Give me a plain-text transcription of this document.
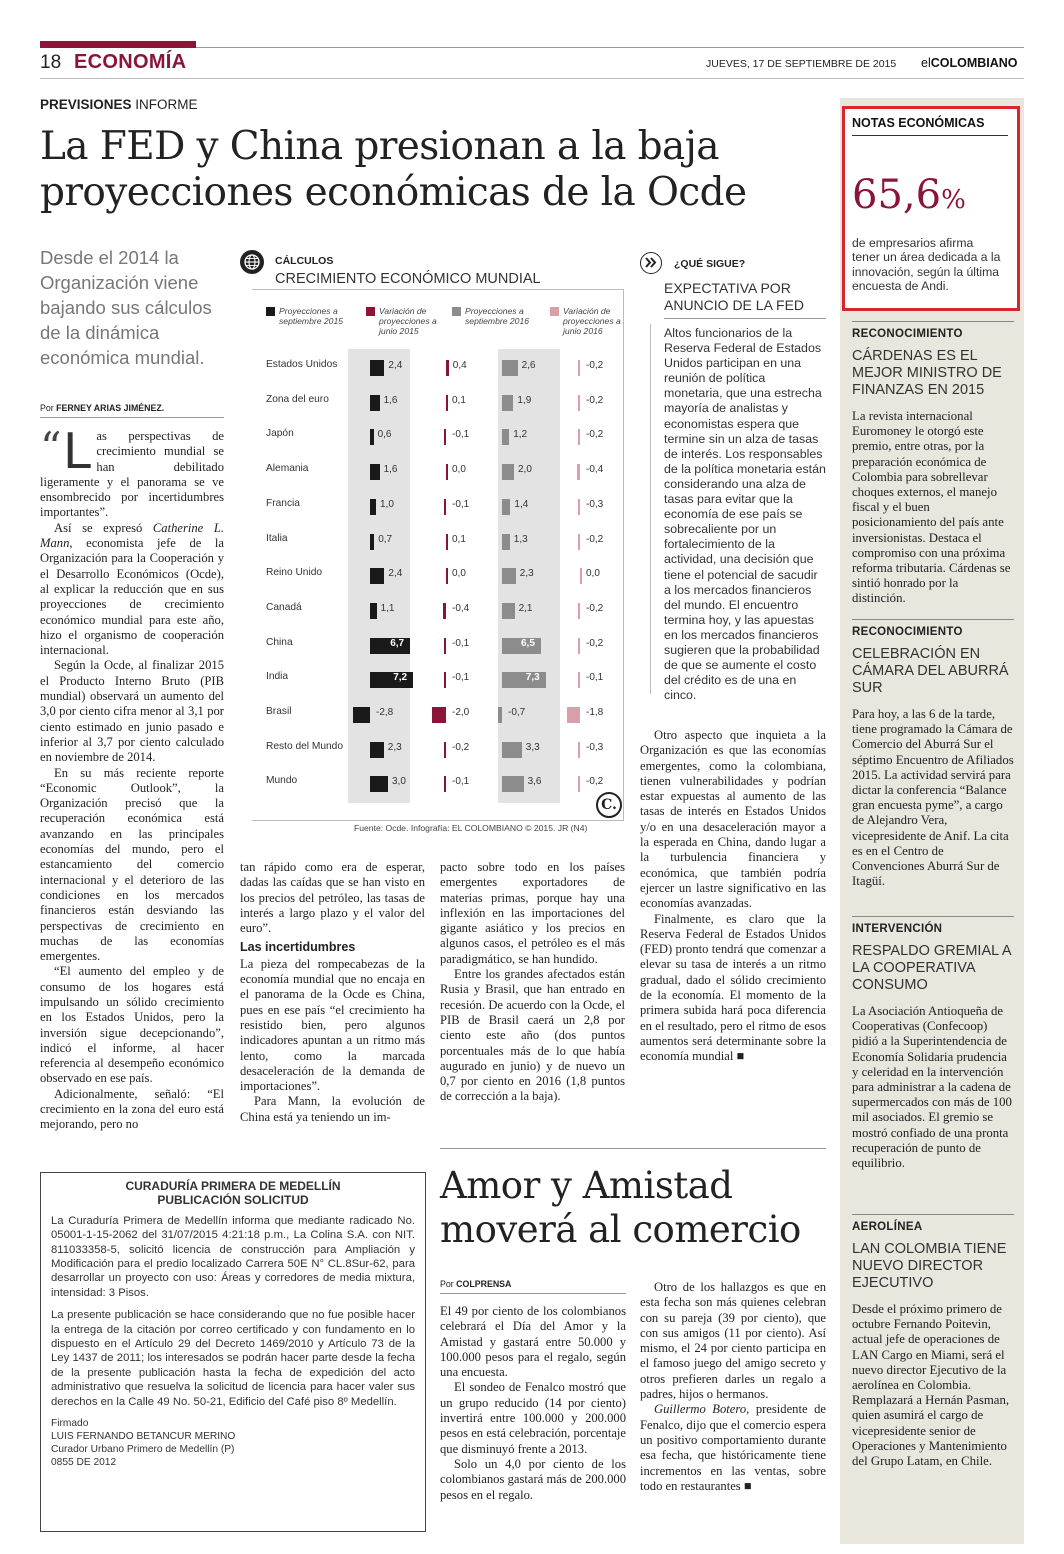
18 ECONOMÍA	JUEVES, 17 DE SEPTIEMBRE DE 2015 elCOLOMBIANO
PREVISIONES INFORME
La FED y China presionan a la baja
proyecciones económicas de la Ocde
Desde el 2014 la Organización viene bajando sus cálculos de la dinámica económica mundial.
Por FERNEY ARIAS JIMÉNEZ.
“ L as perspectivas de crecimiento mundial se han debilitado ligeramente y el panorama se ve ensombrecido por incertidumbres importantes”.

Así se expresó Catherine L. Mann, economista jefe de la Organización para la Cooperación y el Desarrollo Económicos (Ocde), al explicar la reducción que en sus proyecciones de crecimiento económico mundial para este año, hizo el organismo de cooperación internacional.

Según la Ocde, al finalizar 2015 el Producto Interno Bruto (PIB mundial) observará un aumento del 3,0 por ciento cifra menor al 3,1 por ciento estimado en junio pasado e inferior al 3,7 por ciento calculado en noviembre de 2014.

En su más reciente reporte “Economic Outlook”, la Organización precisó que la recuperación económica está avanzando en las principales economías del mundo, pero el estancamiento del comercio internacional y el deterioro de las condiciones en los mercados financieros están desviando las perspectivas de crecimiento en muchas de las economías emergentes.

“El aumento del empleo y de consumo de los hogares está impulsando un sólido crecimiento en los Estados Unidos, pero la inversión sigue decepcionando”, indicó el informe, al hacer referencia al desempeño económico observado en ese país.

Adicionalmente, señaló: “El crecimiento en la zona del euro está mejorando, pero no

CÁLCULOS
CRECIMIENTO ECONÓMICO MUNDIAL
Proyecciones a septiembre 2015
Variación de proyecciones a junio 2015
Proyecciones a septiembre 2016
Variación de proyecciones a junio 2016
Estados Unidos	2,4	0,4	2,6	-0,2
Zona del euro	1,6	0,1	1,9	-0,2
Japón	0,6	-0,1	1,2	-0,2
Alemania	1,6	0,0	2,0	-0,4
Francia	1,0	-0,1	1,4	-0,3
Italia	0,7	0,1	1,3	-0,2
Reino Unido	2,4	0,0	2,3	0,0
Canadá	1,1	-0,4	2,1	-0,2
China	6,7	-0,1	6,5	-0,2
India	7,2	-0,1	7,3	-0,1
Brasil	-2,8	-2,0	-0,7	-1,8
Resto del Mundo	2,3	-0,2	3,3	-0,3
Mundo	3,0	-0,1	3,6	-0,2
C.
Fuente: Ocde. Infografía: EL COLOMBIANO © 2015. JR (N4)
¿QUÉ SIGUE?
EXPECTATIVA POR ANUNCIO DE LA FED
Altos funcionarios de la Reserva Federal de Estados Unidos participan en una reunión de política monetaria, que una estrecha mayoría de analistas y economistas espera que termine sin un alza de tasas de interés. Los responsables de la política monetaria están considerando una alza de tasas para evitar que la economía de ese país se sobrecaliente por un fortalecimiento de la actividad, una decisión que tiene el potencial de sacudir a los mercados financieros del mundo. El encuentro termina hoy, y las apuestas en los mercados financieros sugieren que la probabilidad de que se aumente el costo del crédito es de una en cinco.

tan rápido como era de esperar, dadas las caídas que se han visto en los precios del petróleo, las tasas de interés a largo plazo y el valor del euro”.

Las incertidumbres

La pieza del rompecabezas de la economía mundial que no encaja en el panorama de la Ocde es China, pues en ese país “el crecimiento ha resistido bien, pero algunos indicadores apuntan a un ritmo más lento, como la marcada desaceleración de la demanda de importaciones”.

Para Mann, la evolución de China está ya teniendo un im-

pacto sobre todo en los países emergentes exportadores de materias primas, porque hay una inflexión en las importaciones del gigante asiático y los precios en algunos casos, el petróleo es el más paradigmático, se han hundido.

Entre los grandes afectados están Rusia y Brasil, que han entrado en recesión. De acuerdo con la Ocde, el PIB de Brasil caerá un 2,8 por ciento este año (dos puntos porcentuales más de lo que había augurado en junio) y de nuevo un 0,7 por ciento en 2016 (1,8 puntos de corrección a la baja).

Otro aspecto que inquieta a la Organización es que las economías emergentes, como la colombiana, tienen vulnerabilidades y podrían estar expuestas al aumento de las tasas de interés en Estados Unidos y/o en una desaceleración mayor a la esperada en China, dando lugar a la turbulencia financiera y económica, que también podría ejercer un lastre significativo en las economías avanzadas.

Finalmente, es claro que la Reserva Federal de Estados Unidos (FED) pronto tendrá que comenzar a elevar su tasa de interés a un ritmo gradual, dado el sólido crecimiento de la economía. El momento de la primera subida hará poca diferencia en el resultado, pero el ritmo de esos aumentos será determinante sobre la economía mundial ■

NOTAS ECONÓMICAS
65,6%
de empresarios afirma tener un área dedicada a la innovación, según la última encuesta de Andi.
RECONOCIMIENTO
CÁRDENAS ES EL MEJOR MINISTRO DE FINANZAS EN 2015
La revista internacional Euromoney le otorgó este premio, entre otras, por la preparación económica de Colombia para sobrellevar choques externos, el manejo fiscal y el buen posicionamiento del país ante inversionistas. Destaca el compromiso con una próxima reforma tributaria. Cárdenas se sintió honrado por la distinción.
RECONOCIMIENTO
CELEBRACIÓN EN CÁMARA DEL ABURRÁ SUR
Para hoy, a las 6 de la tarde, tiene programado la Cámara de Comercio del Aburrá Sur el séptimo Encuentro de Afiliados 2015. La actividad servirá para dictar la conferencia “Balance gran encuesta pyme”, a cargo de Alejandro Vera, vicepresidente de Anif. La cita es en el Centro de Convenciones Aburrá Sur de Itagüí.
INTERVENCIÓN
RESPALDO GREMIAL A LA COOPERATIVA CONSUMO
La Asociación Antioqueña de Cooperativas (Confecoop) pidió a la Superintendencia de Economía Solidaria prudencia y celeridad en la intervención para administrar a la cadena de supermercados con más de 100 mil asociados. El gremio se mostró confiado de una pronta recuperación de punto de equilibrio.
AEROLÍNEA
LAN COLOMBIA TIENE NUEVO DIRECTOR EJECUTIVO
Desde el próximo primero de octubre Fernando Poitevin, actual jefe de operaciones de LAN Cargo en Miami, será el nuevo director Ejecutivo de la aerolínea en Colombia. Remplazará a Hernán Pasman, quien asumirá el cargo de vicepresidente senior de Operaciones y Mantenimiento del Grupo Latam, en Chile.
CURADURÍA PRIMERA DE MEDELLÍN
PUBLICACIÓN SOLICITUD
La Curaduría Primera de Medellín informa que mediante radicado No. 05001-1-15-2062 del 31/07/2015 4:21:18 p.m., La Colina S.A. con NIT. 811033358-5, solicitó licencia de construcción para Ampliación y Modificación para el predio localizado Carrera 50E N° CL.8Sur-62, para desarrollar un proyecto con uso: Áreas y corredores de media mixtura, intensidad: 3 Pisos.
La presente publicación se hace considerando que no fue posible hacer la entrega de la citación por correo certificado y con fundamento en lo dispuesto en el Artículo 29 del Decreto 1469/2010 y Artículo 73 de la Ley 1437 de 2011; los interesados se podrán hacer parte desde la fecha de la presente publicación hasta la fecha de expedición del acto administrativo que resuelva la solicitud de licencia para hacer valer sus derechos en la Calle 49 No. 50-21, Edificio del Café piso 8º Medellín.
Firmado
LUIS FERNANDO BETANCUR MERINO
Curador Urbano Primero de Medellín (P)
0855 DE 2012
Amor y Amistad
moverá al comercio
Por COLPRENSA

El 49 por ciento de los colombianos celebrará el Día del Amor y la Amistad y gastará entre 50.000 y 100.000 pesos para el regalo, según una encuesta.

El sondeo de Fenalco mostró que un grupo reducido (14 por ciento) invertirá entre 100.000 y 200.000 pesos en está celebración, porcentaje que disminuyó frente a 2013.

Solo un 4,0 por ciento de los colombianos gastará más de 200.000 pesos en el regalo.

Otro de los hallazgos es que en esta fecha son más quienes celebran con su pareja (39 por ciento), que con sus amigos (11 por ciento). Así mismo, el 24 por ciento participa en el famoso juego del amigo secreto y otros prefieren darles un regalo a padres, hijos o hermanos.

Guillermo Botero, presidente de Fenalco, dijo que el comercio espera un positivo comportamiento durante esa fecha, que históricamente tiene incrementos en las ventas, sobre todo en restaurantes ■
